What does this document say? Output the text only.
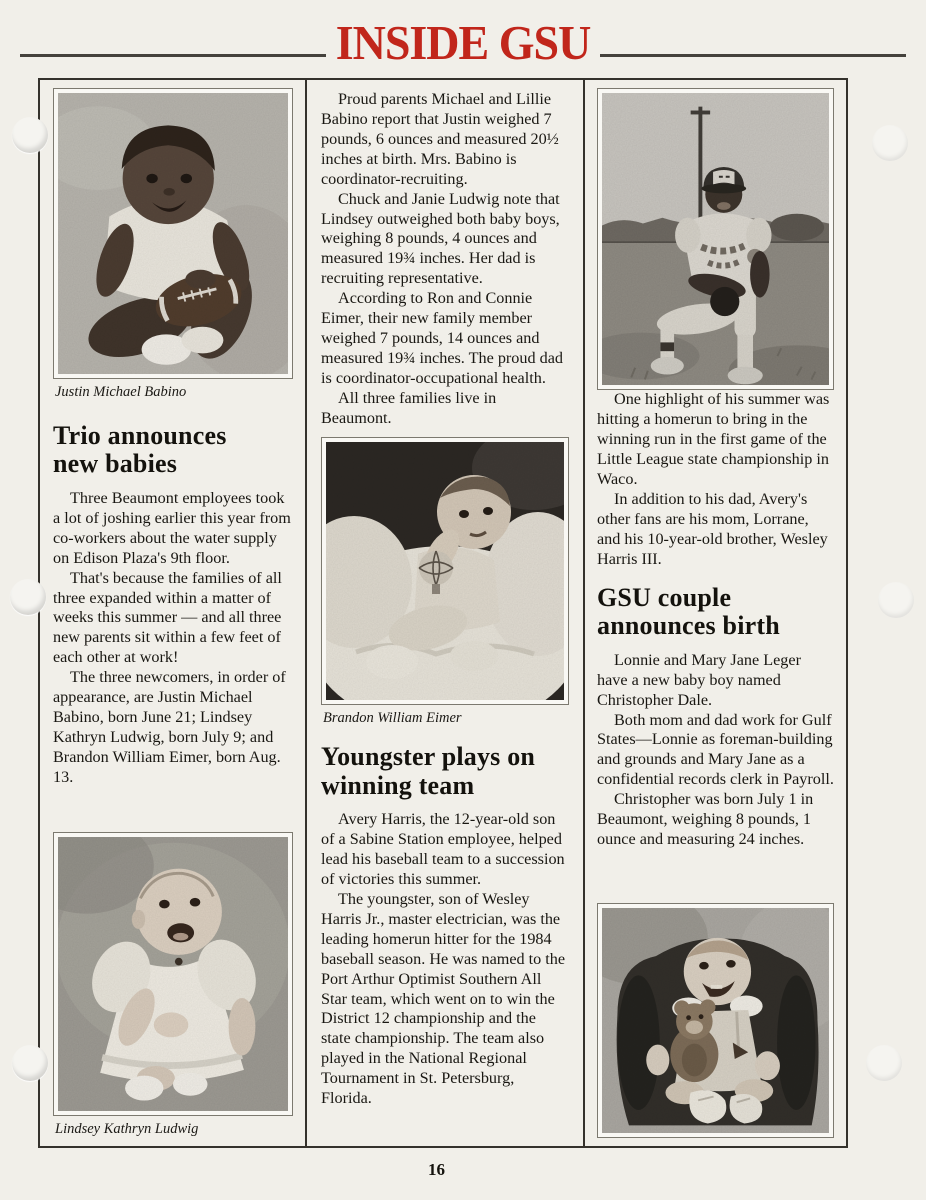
INSIDE GSU
Justin Michael Babino
Trio announces new babies

Three Beaumont employees took a lot of joshing earlier this year from co-workers about the water supply on Edison Plaza's 9th floor.

That's because the families of all three expanded within a matter of weeks this summer — and all three new parents sit within a few feet of each other at work!

The three newcomers, in order of appearance, are Justin Michael Babino, born June 21; Lindsey Kathryn Ludwig, born July 9; and Brandon William Eimer, born Aug. 13.

Lindsey Kathryn Ludwig

Proud parents Michael and Lillie Babino report that Justin weighed 7 pounds, 6 ounces and measured 20½ inches at birth. Mrs. Babino is coordinator-recruiting.

Chuck and Janie Ludwig note that Lindsey outweighed both baby boys, weighing 8 pounds, 4 ounces and measured 19¾ inches. Her dad is recruiting representative.

According to Ron and Connie Eimer, their new family member weighed 7 pounds, 14 ounces and measured 19¾ inches. The proud dad is coordinator-occupational health.

All three families live in Beaumont.

Brandon William Eimer
Youngster plays on winning team

Avery Harris, the 12-year-old son of a Sabine Station employee, helped lead his baseball team to a succession of victories this summer.

The youngster, son of Wesley Harris Jr., master electrician, was the leading homerun hitter for the 1984 baseball season. He was named to the Port Arthur Optimist Southern All Star team, which went on to win the District 12 championship and the state championship. The team also played in the National Regional Tournament in St. Petersburg, Florida.

One highlight of his summer was hitting a homerun to bring in the winning run in the first game of the Little League state championship in Waco.

In addition to his dad, Avery's other fans are his mom, Lorrane, and his 10-year-old brother, Wesley Harris III.

GSU couple announces birth

Lonnie and Mary Jane Leger have a new baby boy named Christopher Dale.

Both mom and dad work for Gulf States—Lonnie as foreman-building and grounds and Mary Jane as a confidential records clerk in Payroll.

Christopher was born July 1 in Beaumont, weighing 8 pounds, 1 ounce and measuring 24 inches.

16
